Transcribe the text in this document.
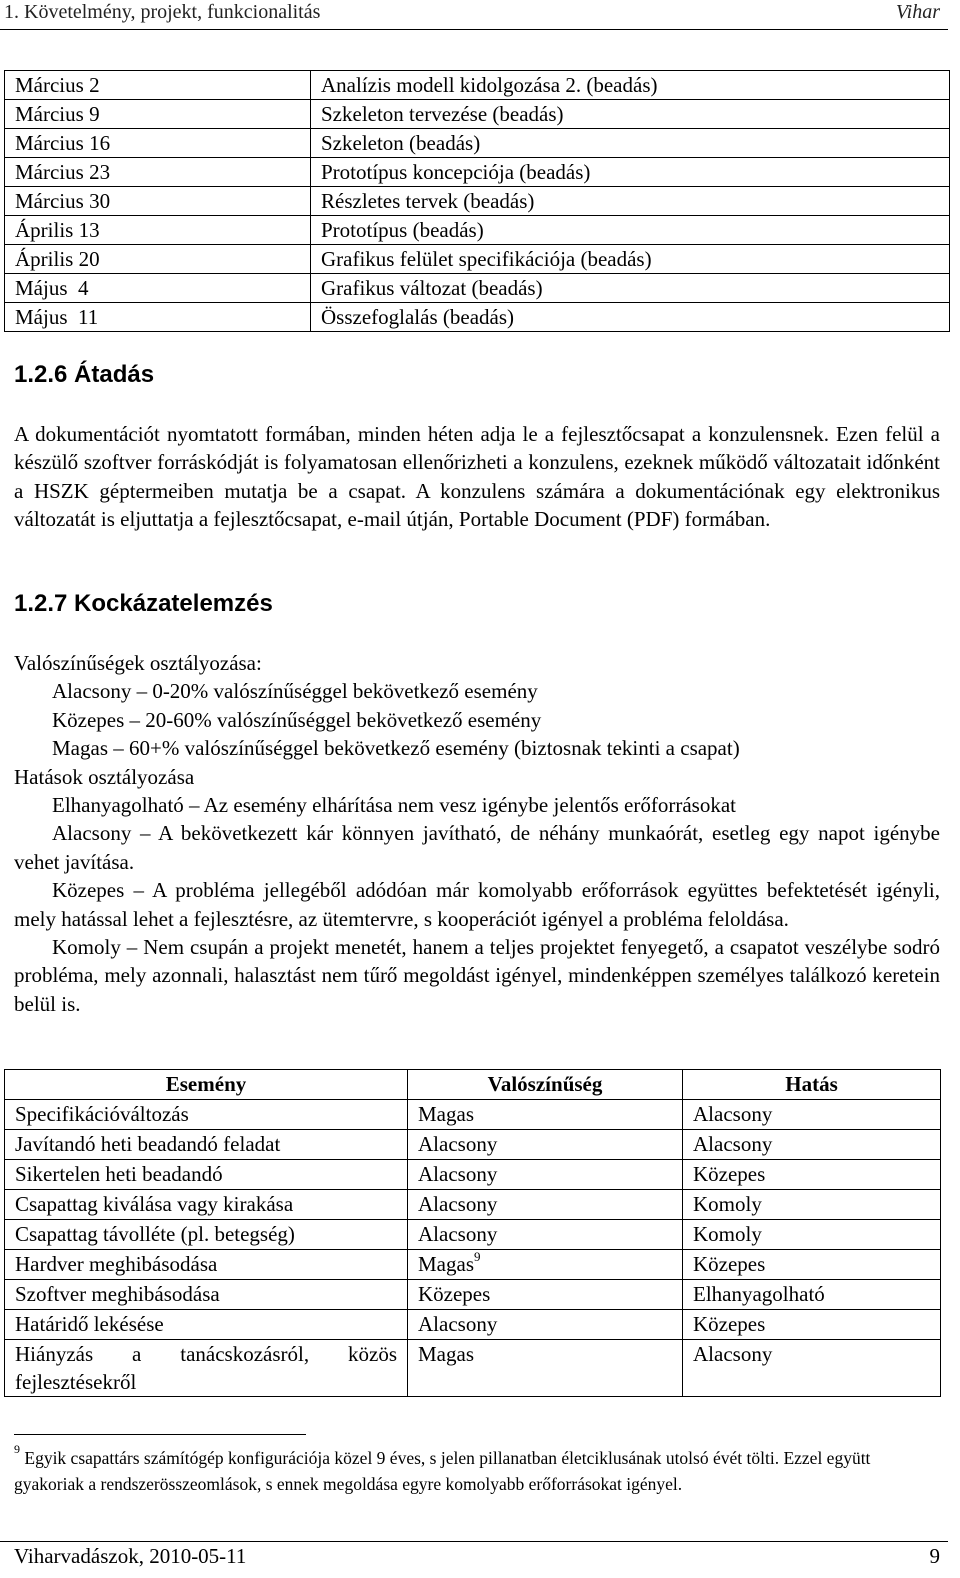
1. Követelmény, projekt, funkcionalitás	Vihar
Március 2	Analízis modell kidolgozása 2. (beadás)
Március 9	Szkeleton tervezése (beadás)
Március 16	Szkeleton (beadás)
Március 23	Prototípus koncepciója (beadás)
Március 30	Részletes tervek (beadás)
Április 13	Prototípus (beadás)
Április 20	Grafikus felület specifikációja (beadás)
Május  4	Grafikus változat (beadás)
Május  11	Összefoglalás (beadás)
1.2.6 Átadás

A dokumentációt nyomtatott formában, minden héten adja le a fejlesztőcsapat a konzulensnek. Ezen felül a készülő szoftver forráskódját is folyamatosan ellenőrizheti a konzulens, ezeknek működő változatait időnként a HSZK géptermeiben mutatja be a csapat. A konzulens számára a dokumentációnak egy elektronikus változatát is eljuttatja a fejlesztőcsapat, e-mail útján, Portable Document (PDF) formában.

1.2.7 Kockázatelemzés
Valószínűségek osztályozása:
Alacsony – 0-20% valószínűséggel bekövetkező esemény
Közepes – 20-60% valószínűséggel bekövetkező esemény
Magas – 60+% valószínűséggel bekövetkező esemény (biztosnak tekinti a csapat)
Hatások osztályozása
Elhanyagolható – Az esemény elhárítása nem vesz igénybe jelentős erőforrásokat
Alacsony – A bekövetkezett kár könnyen javítható, de néhány munkaórát, esetleg egy napot igénybe vehet javítása.
Közepes – A probléma jellegéből adódóan már komolyabb erőforrások együttes befektetését igényli, mely hatással lehet a fejlesztésre, az ütemtervre, s kooperációt igényel a probléma feloldása.
Komoly – Nem csupán a projekt menetét, hanem a teljes projektet fenyegető, a csapatot veszélybe sodró probléma, mely azonnali, halasztást nem tűrő megoldást igényel, mindenképpen személyes találkozó keretein belül is.
Esemény	Valószínűség	Hatás
Specifikációváltozás	Magas	Alacsony
Javítandó heti beadandó feladat	Alacsony	Alacsony
Sikertelen heti beadandó	Alacsony	Közepes
Csapattag kiválása vagy kirakása	Alacsony	Komoly
Csapattag távolléte (pl. betegség)	Alacsony	Komoly
Hardver meghibásodása	Magas$^9$	Közepes
Szoftver meghibásodása	Közepes	Elhanyagolható
Határidő lekésése	Alacsony	Közepes

Hiányzás a tanácskozásról, közös fejlesztésekről	Magas	Alacsony
$^9$ Egyik csapattárs számítógép konfigurációja közel 9 éves, s jelen pillanatban életciklusának utolsó évét tölti. Ezzel együtt gyakoriak a rendszerösszeomlások, s ennek megoldása egyre komolyabb erőforrásokat igényel.
Viharvadászok, 2010-05-11	9
